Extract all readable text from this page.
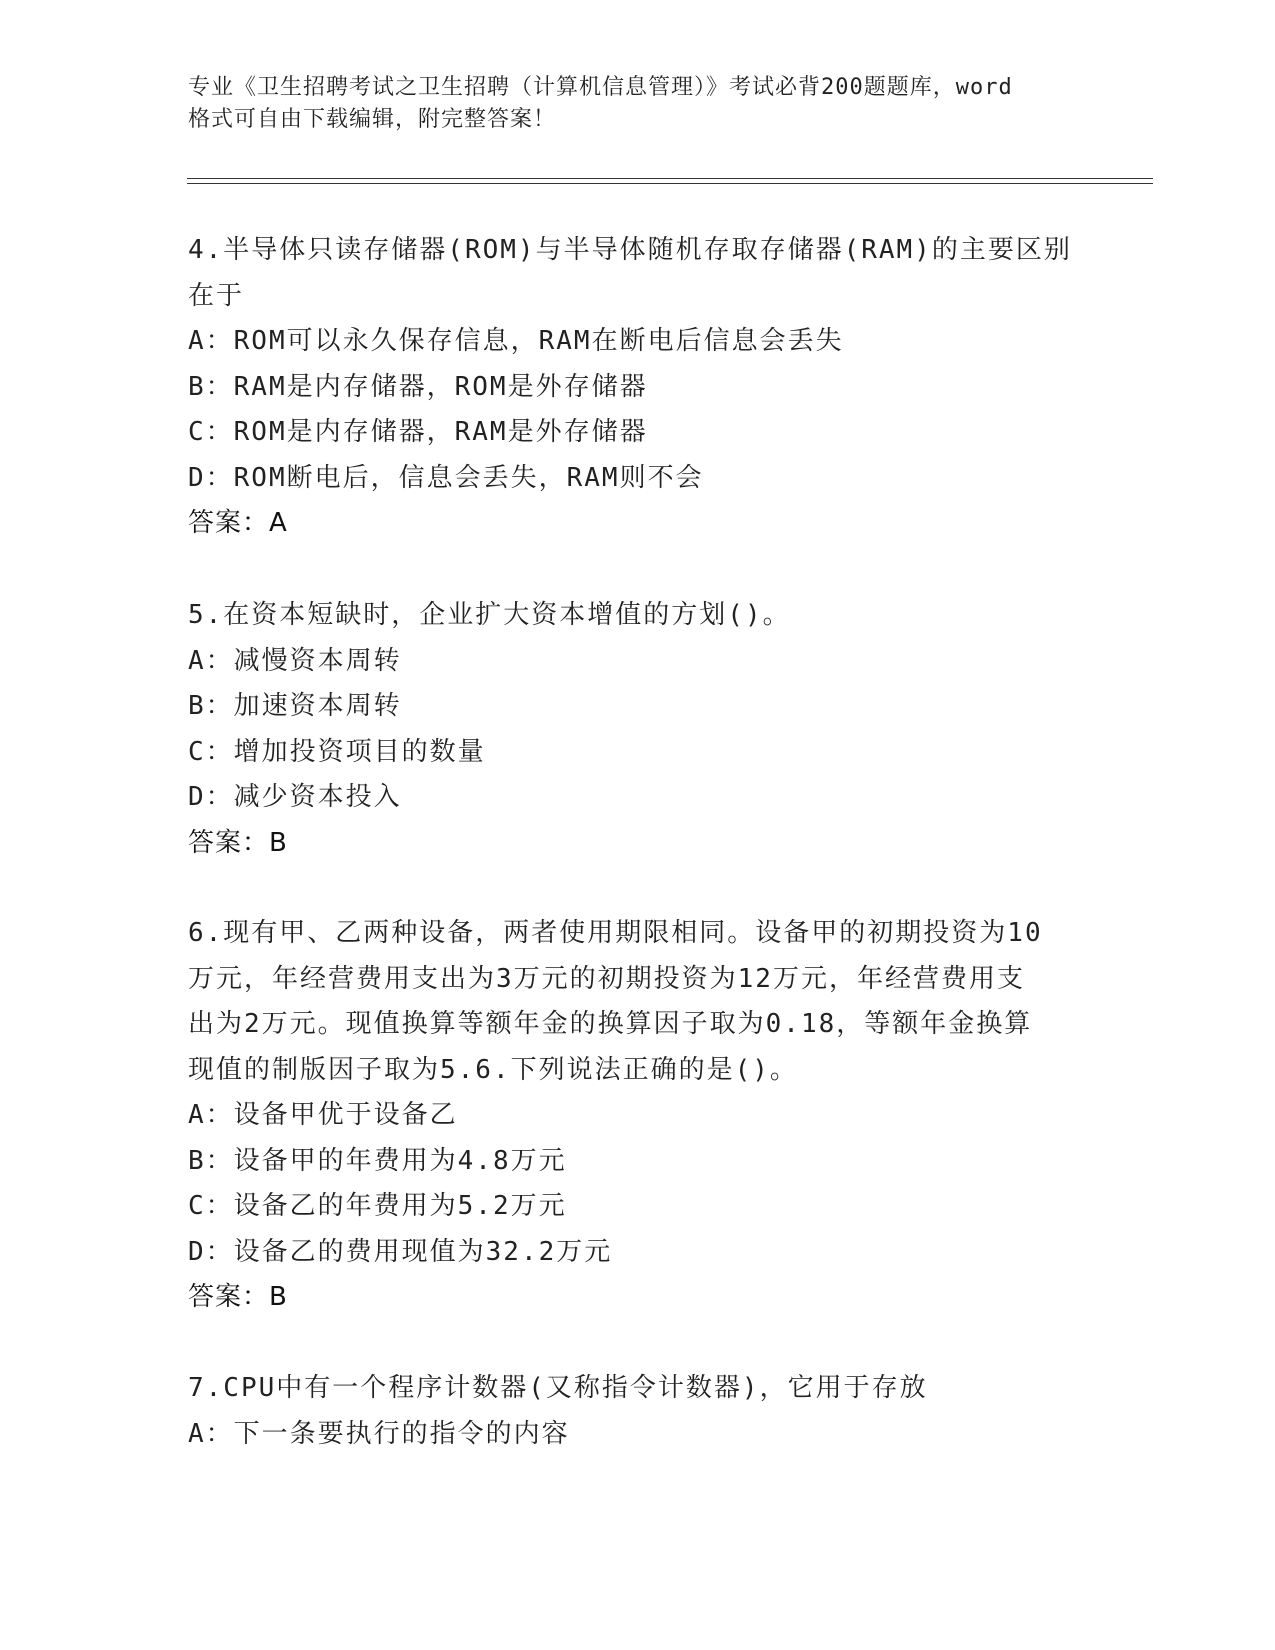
专业《卫生招聘考试之卫生招聘（计算机信息管理）》考试必背200题题库，word
格式可自由下载编辑，附完整答案！
4.半导体只读存储器(ROM)与半导体随机存取存储器(RAM)的主要区别
在于
A：ROM可以永久保存信息，RAM在断电后信息会丢失
B：RAM是内存储器，ROM是外存储器
C：ROM是内存储器，RAM是外存储器
D：ROM断电后，信息会丢失，RAM则不会
答案：A
5.在资本短缺时，企业扩大资本增值的方划()。
A：减慢资本周转
B：加速资本周转
C：增加投资项目的数量
D：减少资本投入
答案：B
6.现有甲、乙两种设备，两者使用期限相同。设备甲的初期投资为10
万元，年经营费用支出为3万元的初期投资为12万元，年经营费用支
出为2万元。现值换算等额年金的换算因子取为0.18，等额年金换算
现值的制版因子取为5.6.下列说法正确的是()。
A：设备甲优于设备乙
B：设备甲的年费用为4.8万元
C：设备乙的年费用为5.2万元
D：设备乙的费用现值为32.2万元
答案：B
7.CPU中有一个程序计数器(又称指令计数器)，它用于存放
A：下一条要执行的指令的内容
